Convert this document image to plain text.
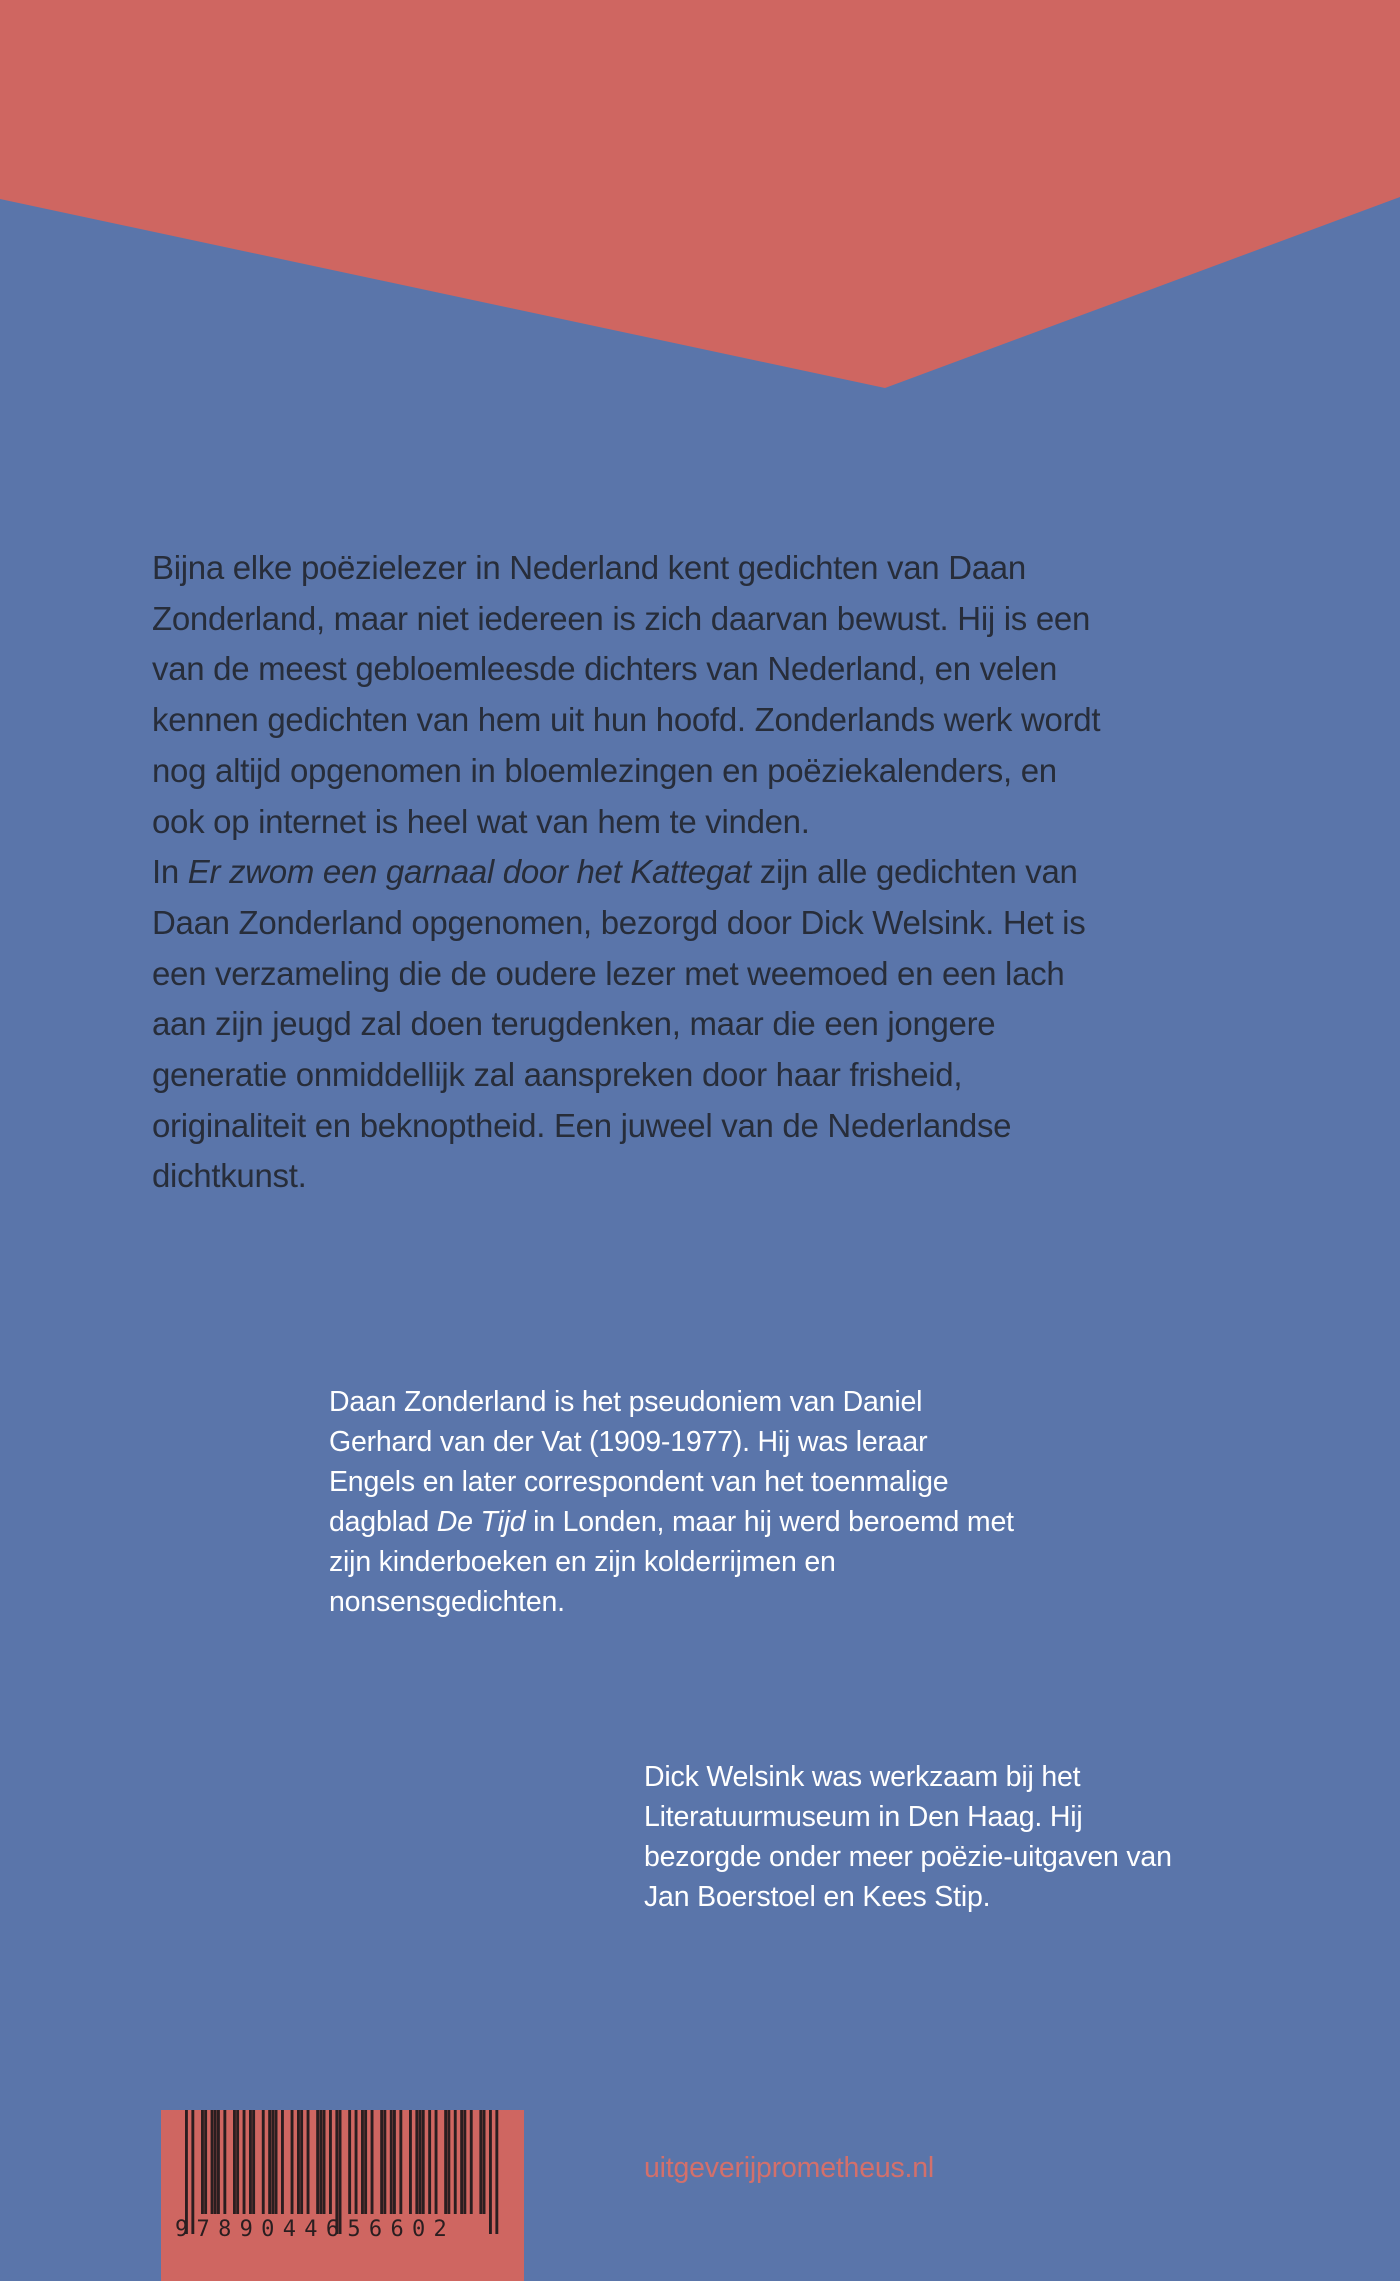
Bijna elke poëzielezer in Nederland kent gedichten van Daan Zonderland, maar niet iedereen is zich daarvan bewust. Hij is een van de meest gebloemleesde dichters van Nederland, en velen kennen gedichten van hem uit hun hoofd. Zonderlands werk wordt nog altijd opgenomen in bloemlezingen en poëziekalenders, en ook op internet is heel wat van hem te vinden.

In Er zwom een garnaal door het Kattegat zijn alle gedichten van Daan Zonderland opgenomen, bezorgd door Dick Welsink. Het is een verzameling die de oudere lezer met weemoed en een lach aan zijn jeugd zal doen terugdenken, maar die een jongere generatie onmiddellijk zal aanspreken door haar frisheid, originaliteit en beknoptheid. Een juweel van de Nederlandse dichtkunst.

Daan Zonderland is het pseudoniem van Daniel Gerhard van der Vat (1909-1977). Hij was leraar Engels en later correspondent van het toenmalige dagblad De Tijd in Londen, maar hij werd beroemd met zijn kinderboeken en zijn kolderrijmen en nonsensgedichten.

Dick Welsink was werkzaam bij het Literatuurmuseum in Den Haag. Hij bezorgde onder meer poëzie-uitgaven van Jan Boerstoel en Kees Stip.

9789044656602
uitgeverijprometheus.nl
